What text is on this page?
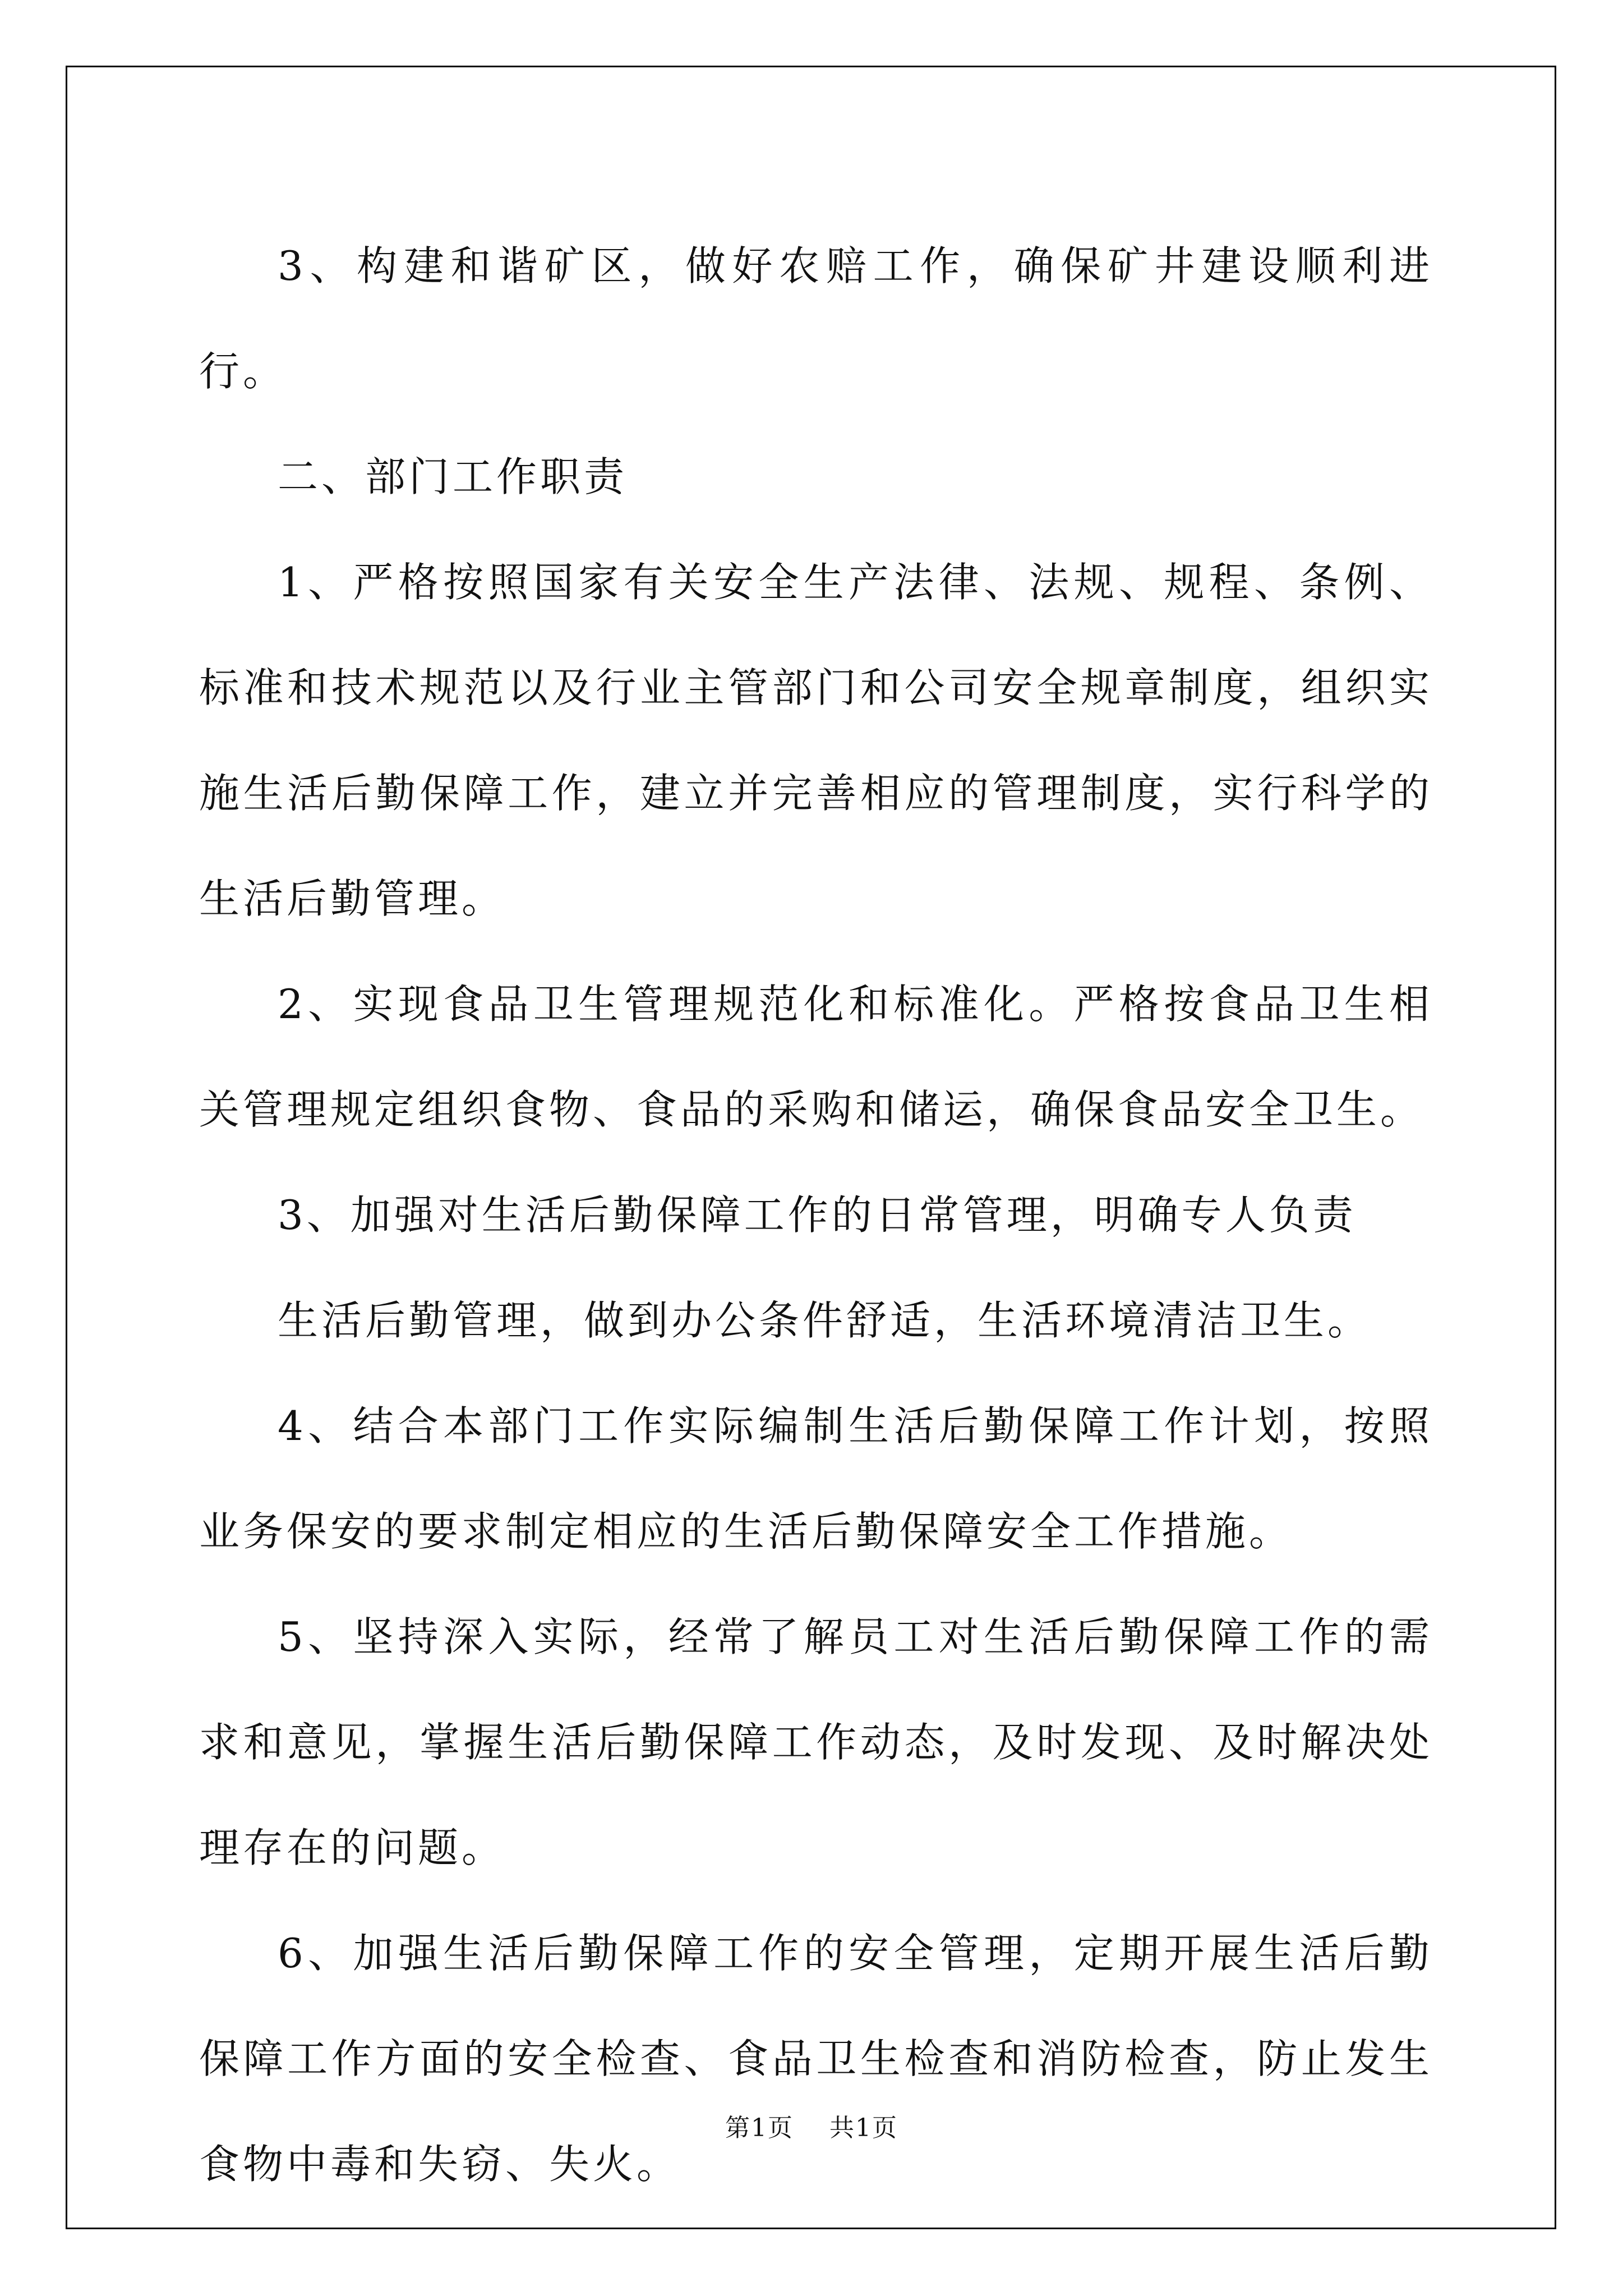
3、构建和谐矿区，做好农赔工作，确保矿井建设顺利进行。

二、部门工作职责

1、严格按照国家有关安全生产法律、法规、规程、条例、标准和技术规范以及行业主管部门和公司安全规章制度，组织实施生活后勤保障工作，建立并完善相应的管理制度，实行科学的生活后勤管理。

2、实现食品卫生管理规范化和标准化。严格按食品卫生相关管理规定组织食物、食品的采购和储运，确保食品安全卫生。

3、加强对生活后勤保障工作的日常管理，明确专人负责

生活后勤管理，做到办公条件舒适，生活环境清洁卫生。

4、结合本部门工作实际编制生活后勤保障工作计划，按照业务保安的要求制定相应的生活后勤保障安全工作措施。

5、坚持深入实际，经常了解员工对生活后勤保障工作的需求和意见，掌握生活后勤保障工作动态，及时发现、及时解决处理存在的问题。

6、加强生活后勤保障工作的安全管理，定期开展生活后勤保障工作方面的安全检查、食品卫生检查和消防检查，防止发生食物中毒和失窃、失火。

第1页 共1页
